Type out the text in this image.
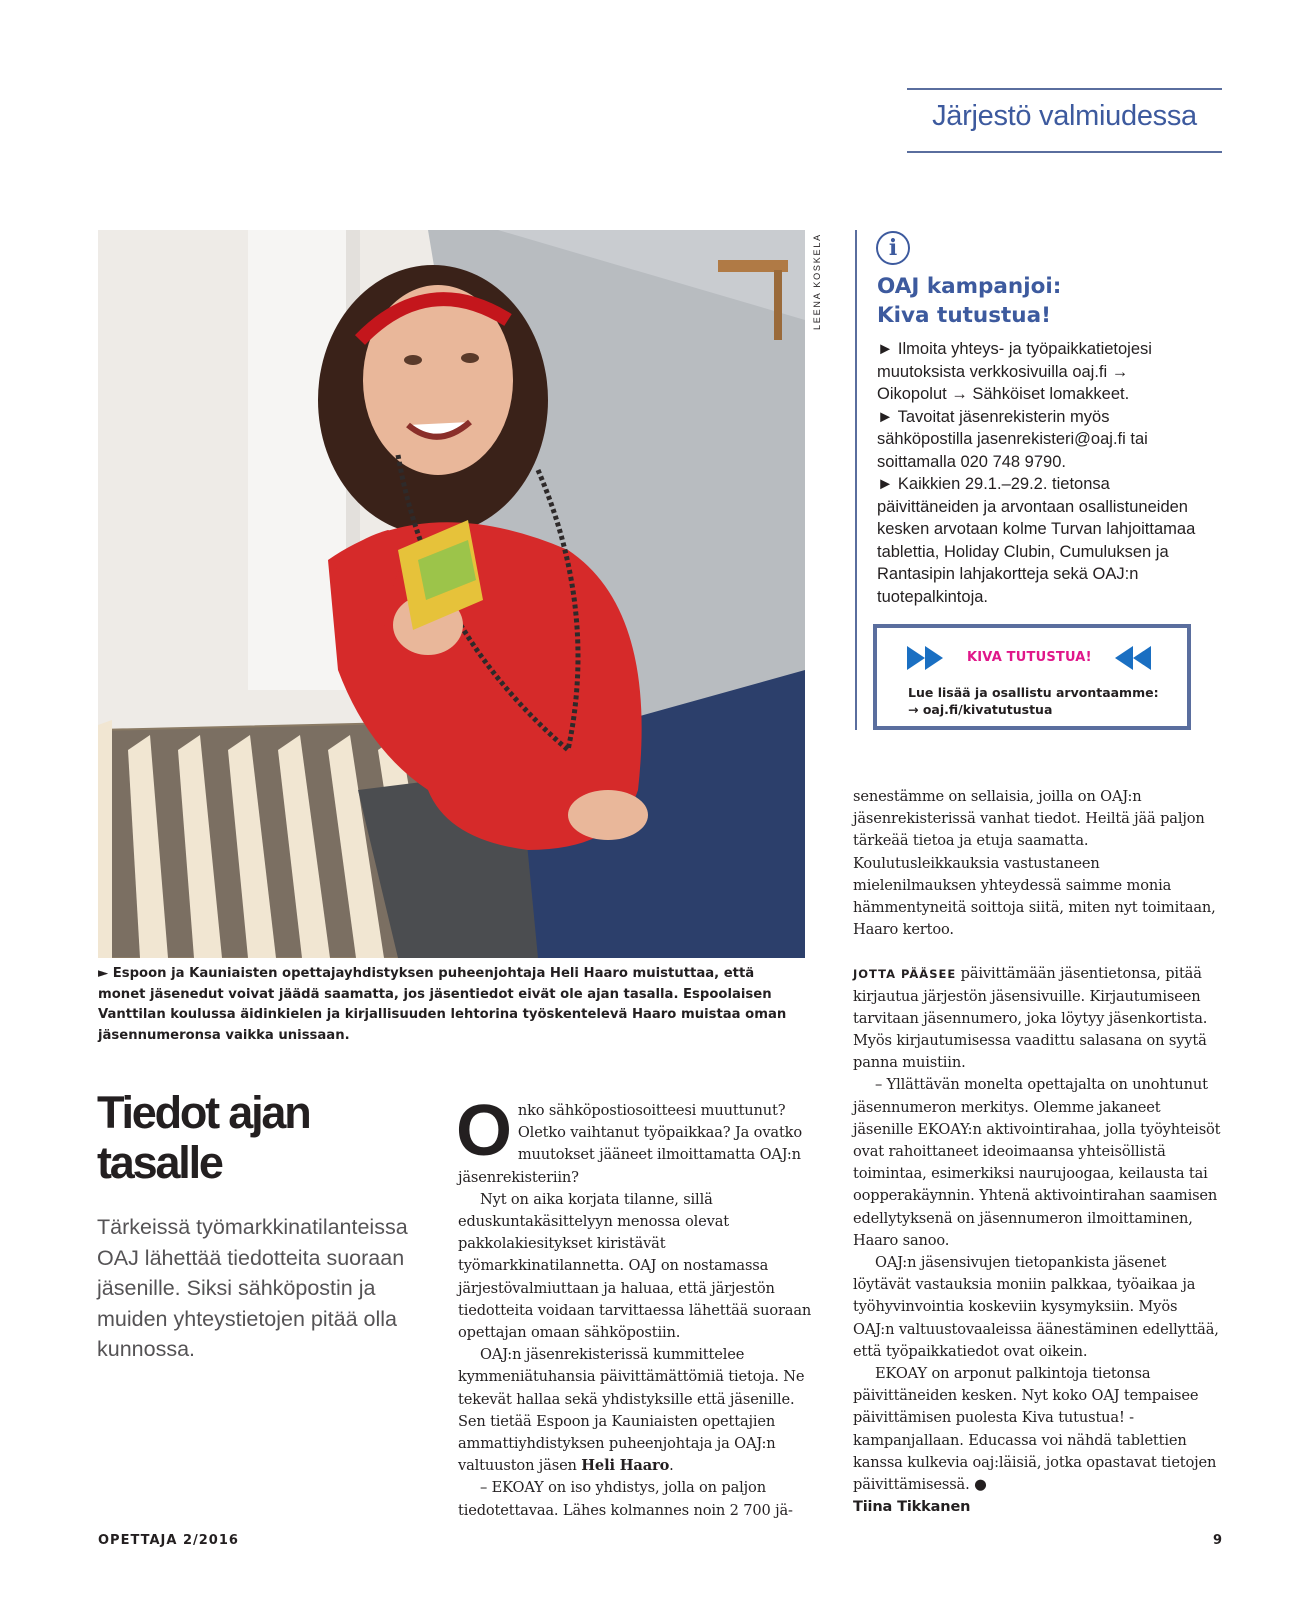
Järjestö valmiudessa
LEENA KOSKELA
► Espoon ja Kauniaisten opettajayhdistyksen puheenjohtaja Heli Haaro muistuttaa, että monet jäsenedut voivat jäädä saamatta, jos jäsentiedot eivät ole ajan tasalla. Espoolaisen Vanttilan koulussa äidinkielen ja kirjallisuuden lehtorina työskentelevä Haaro muistaa oman jäsennumeronsa vaikka unissaan.
i
OAJ kampanjoi:
Kiva tutustua!

► Ilmoita yhteys- ja työpaikkatietojesi muutoksista verkkosivuilla oaj.fi → Oikopolut → Sähköiset lomakkeet.

► Tavoitat jäsenrekisterin myös sähköpostilla jasenrekisteri@oaj.fi tai soittamalla 020 748 9790.

► Kaikkien 29.1.–29.2. tietonsa päivittäneiden ja arvontaan osallistuneiden kesken arvotaan kolme Turvan lahjoittamaa tablettia, Holiday Clubin, Cumuluksen ja Rantasipin lahjakortteja sekä OAJ:n tuotepalkintoja.

KIVA TUTUSTUA!
Lue lisää ja osallistu arvontaamme:
→ oaj.fi/kivatutustua
Tiedot ajan
tasalle
Tärkeissä työmarkkinatilanteissa OAJ lähettää tiedotteita suoraan jäsenille. Siksi sähköpostin ja muiden yhteystietojen pitää olla kunnossa.

Onko sähköpostiosoitteesi muuttunut? Oletko vaihtanut työpaikkaa? Ja ovatko muutokset jääneet ilmoittamatta OAJ:n jäsenrekisteriin?

Nyt on aika korjata tilanne, sillä eduskuntakäsittelyyn menossa olevat pakkolakiesitykset kiristävät työmarkkinatilannetta. OAJ on nostamassa järjestövalmiuttaan ja haluaa, että järjestön tiedotteita voidaan tarvittaessa lähettää suoraan opettajan omaan sähköpostiin.

OAJ:n jäsenrekisterissä kummittelee kymmeniätuhansia päivittämättömiä tietoja. Ne tekevät hallaa sekä yhdistyksille että jäsenille. Sen tietää Espoon ja Kauniaisten opettajien ammattiyhdistyksen puheenjohtaja ja OAJ:n valtuuston jäsen Heli Haaro.

– EKOAY on iso yhdistys, jolla on paljon tiedotettavaa. Lähes kolmannes noin 2 700 jä-

senestämme on sellaisia, joilla on OAJ:n jäsenrekisterissä vanhat tiedot. Heiltä jää paljon tärkeää tietoa ja etuja saamatta. Koulutusleikkauksia vastustaneen mielenilmauksen yhteydessä saimme monia hämmentyneitä soittoja siitä, miten nyt toimitaan, Haaro kertoo.

JOTTA PÄÄSEE päivittämään jäsentietonsa, pitää kirjautua järjestön jäsensivuille. Kirjautumiseen tarvitaan jäsennumero, joka löytyy jäsenkortista. Myös kirjautumisessa vaadittu salasana on syytä panna muistiin.

– Yllättävän monelta opettajalta on unohtunut jäsennumeron merkitys. Olemme jakaneet jäsenille EKOAY:n aktivointirahaa, jolla työyhteisöt ovat rahoittaneet ideoimaansa yhteisöllistä toimintaa, esimerkiksi naurujoogaa, keilausta tai oopperakäynnin. Yhtenä aktivointirahan saamisen edellytyksenä on jäsennumeron ilmoittaminen, Haaro sanoo.

OAJ:n jäsensivujen tietopankista jäsenet löytävät vastauksia moniin palkkaa, työaikaa ja työhyvinvointia koskeviin kysymyksiin. Myös OAJ:n valtuustovaaleissa äänestäminen edellyttää, että työpaikkatiedot ovat oikein.

EKOAY on arponut palkintoja tietonsa päivittäneiden kesken. Nyt koko OAJ tempaisee päivittämisen puolesta Kiva tutustua! -kampanjallaan. Educassa voi nähdä tablettien kanssa kulkevia oaj:läisiä, jotka opastavat tietojen päivittämisessä. ●

Tiina Tikkanen

OPETTAJA 2/2016	9
